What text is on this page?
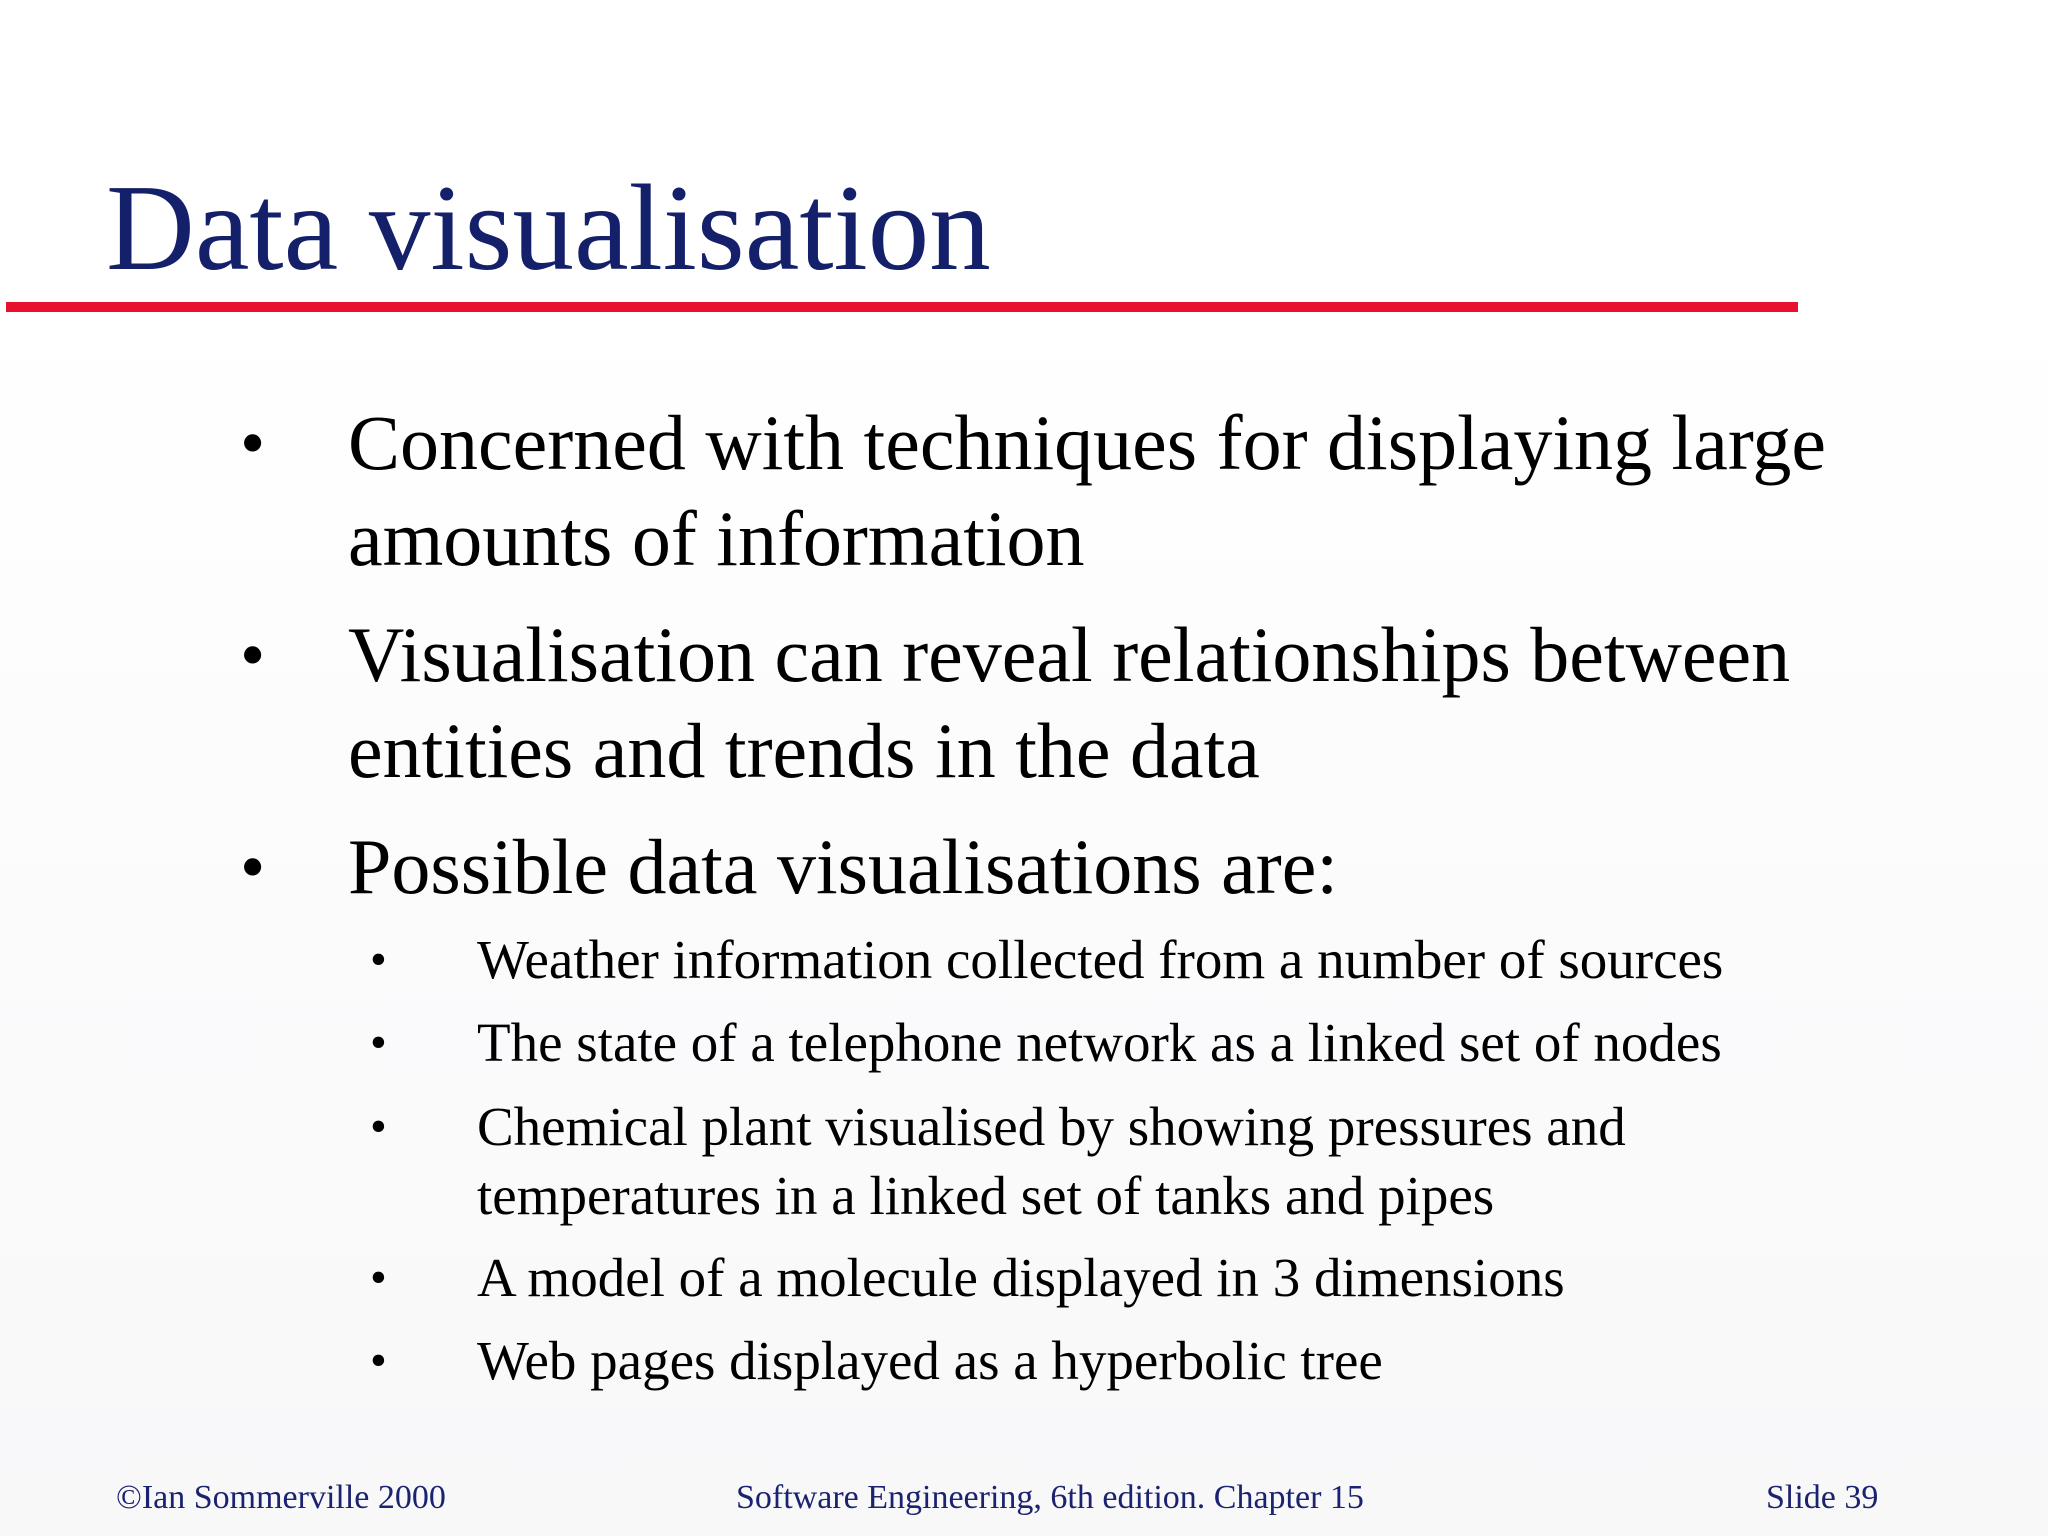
Data visualisation
• Concerned with techniques for displaying large amounts of information
• Visualisation can reveal relationships between entities and trends in the data
• Possible data visualisations are:
• Weather information collected from a number of sources
• The state of a telephone network as a linked set of nodes
• Chemical plant visualised by showing pressures and temperatures in a linked set of tanks and pipes
• A model of a molecule displayed in 3 dimensions
• Web pages displayed as a hyperbolic tree
©Ian Sommerville 2000	Software Engineering, 6th edition. Chapter 15	Slide 39
